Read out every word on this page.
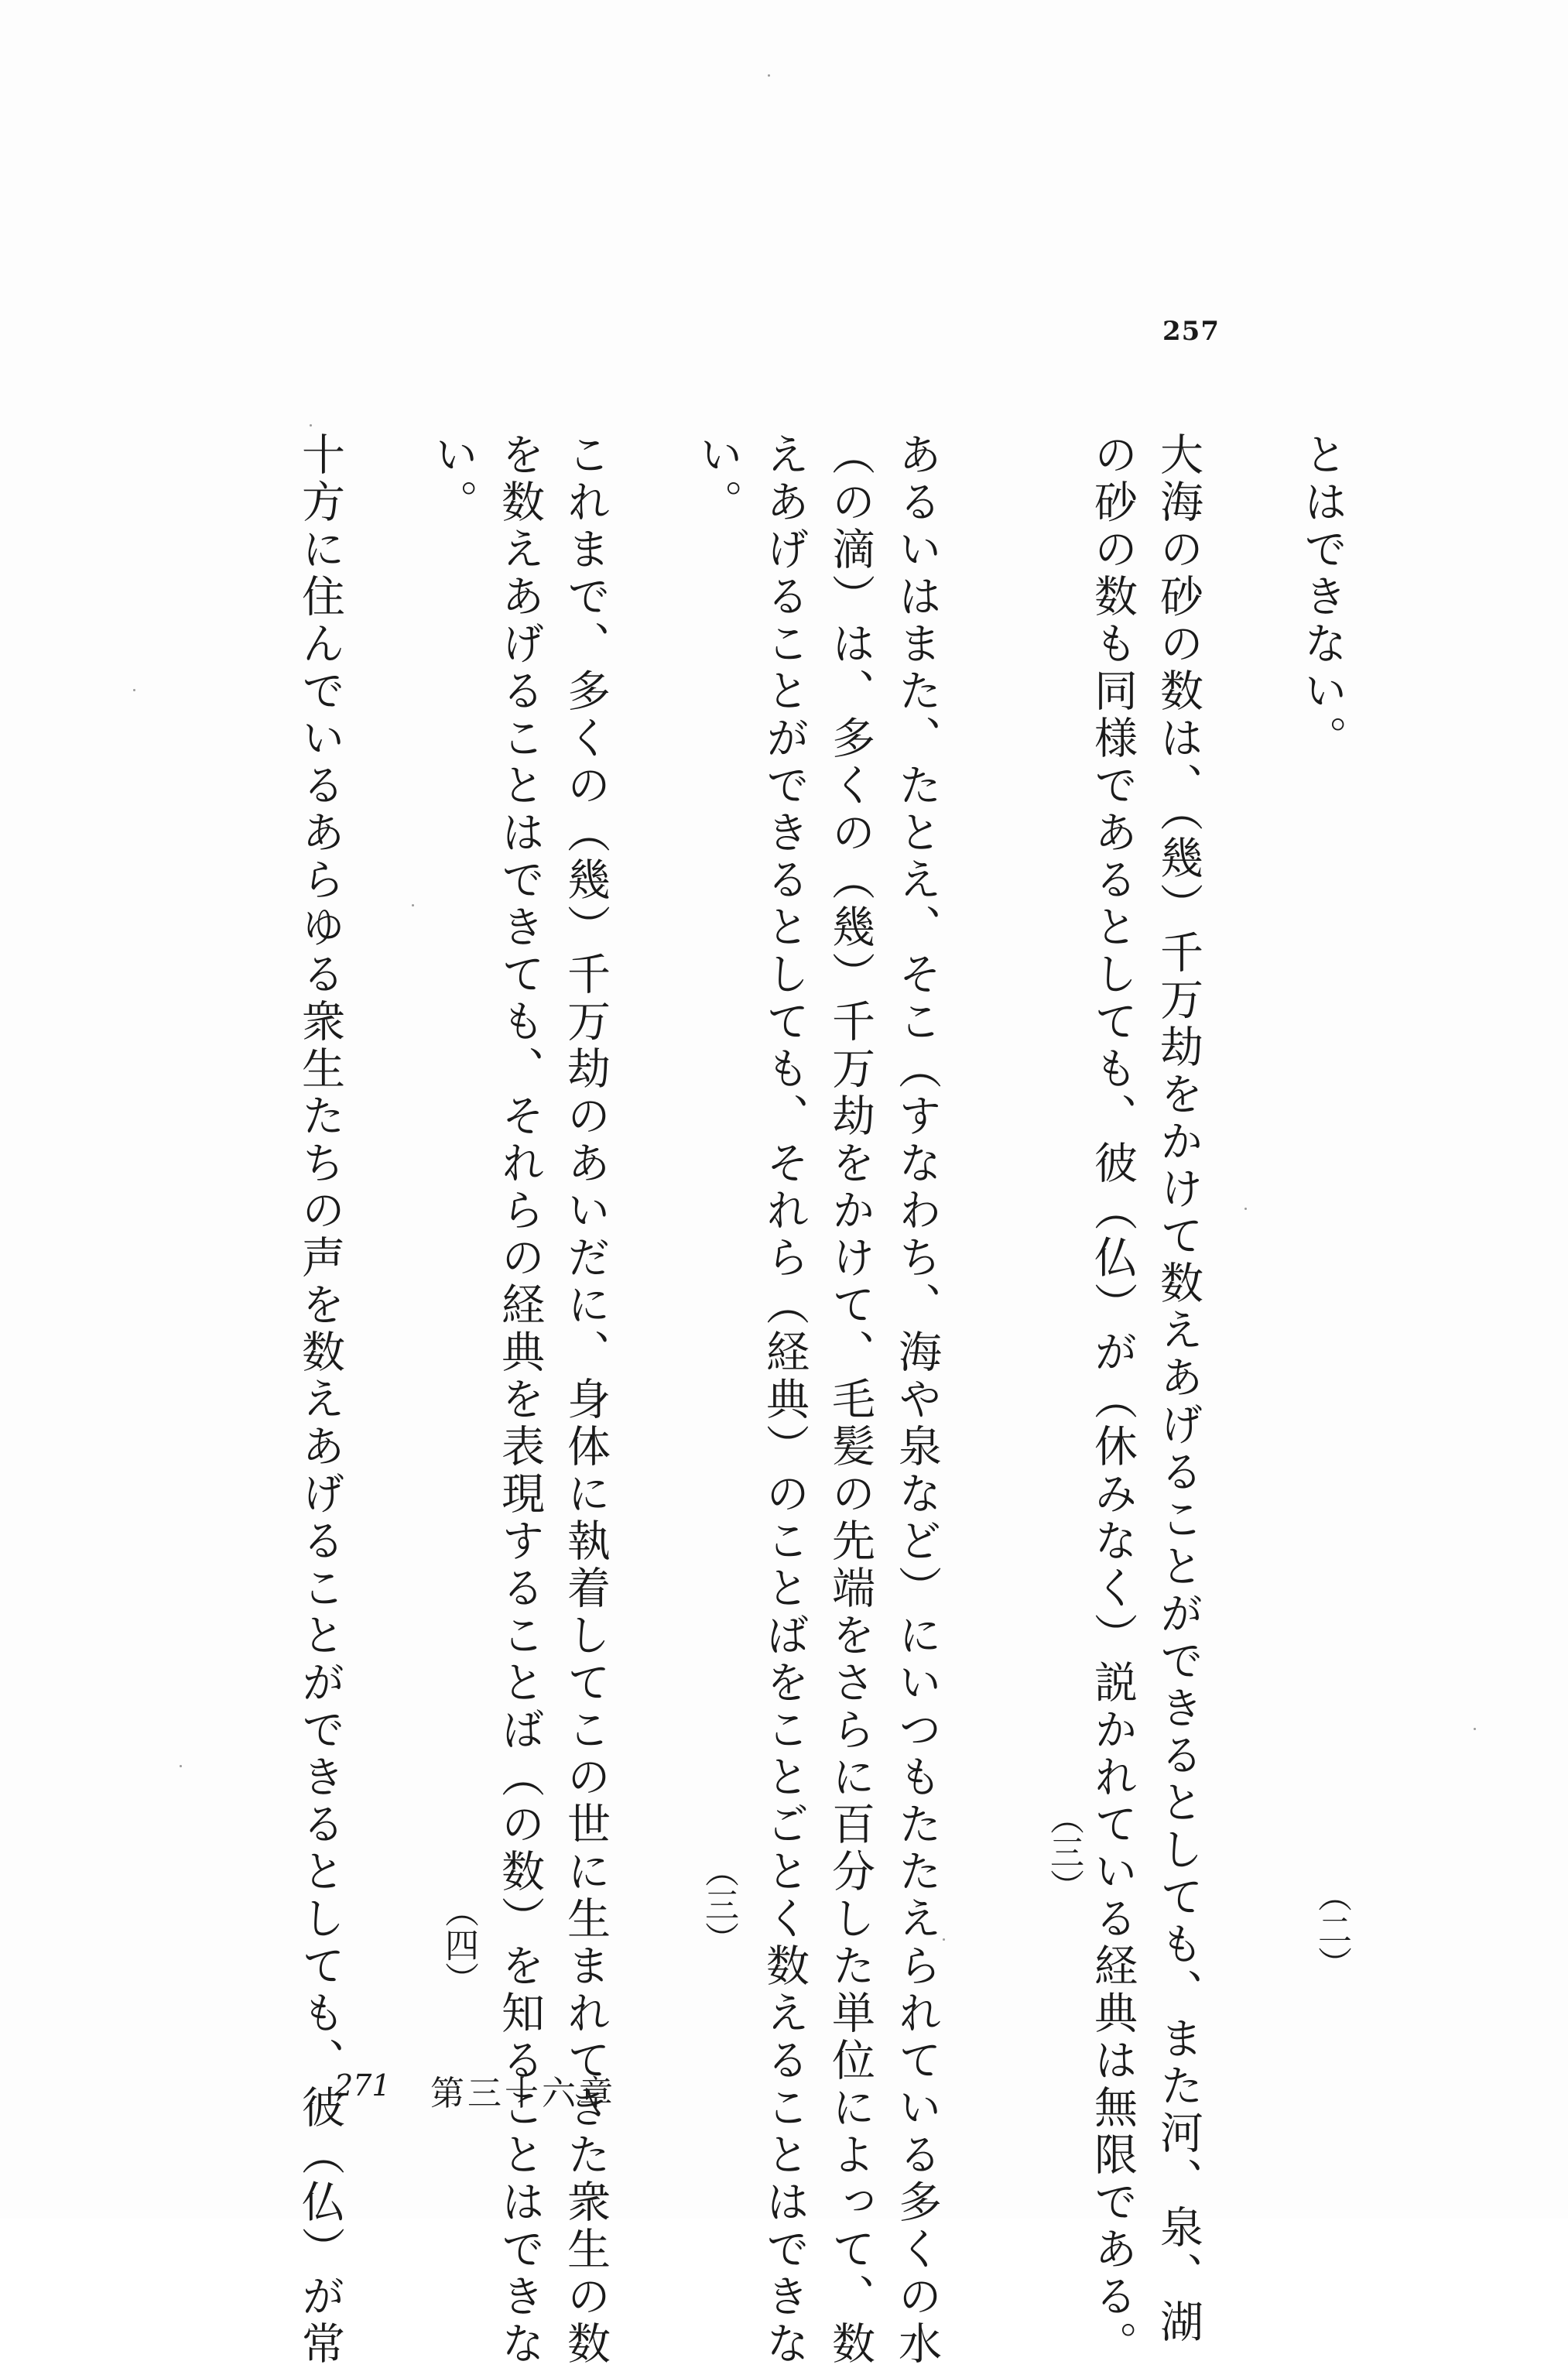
257
とはできない。
大海の砂の数は、（幾）千万劫をかけて数えあげることができるとしても、また河、泉、湖
の砂の数も同様であるとしても、彼（仏）が（休みなく）説かれている経典は無限である。
あるいはまた、たとえ、そこ（すなわち、海や泉など）にいつもたたえられている多くの水
（の滴）は、多くの（幾）千万劫をかけて、毛髪の先端をさらに百分した単位によって、数
えあげることができるとしても、それら（経典）のことばをことごとく数えることはできな
い。
これまで、多くの（幾）千万劫のあいだに、身体に執着してこの世に生まれてきた衆生の数
を数えあげることはできても、それらの経典を表現することば（の数）を知ることはできな
い。
十方に住んでいるあらゆる衆生たちの声を数えあげることができるとしても、彼（仏）が常	（二）
（三）
（三）
（四）
271 第三十六章
